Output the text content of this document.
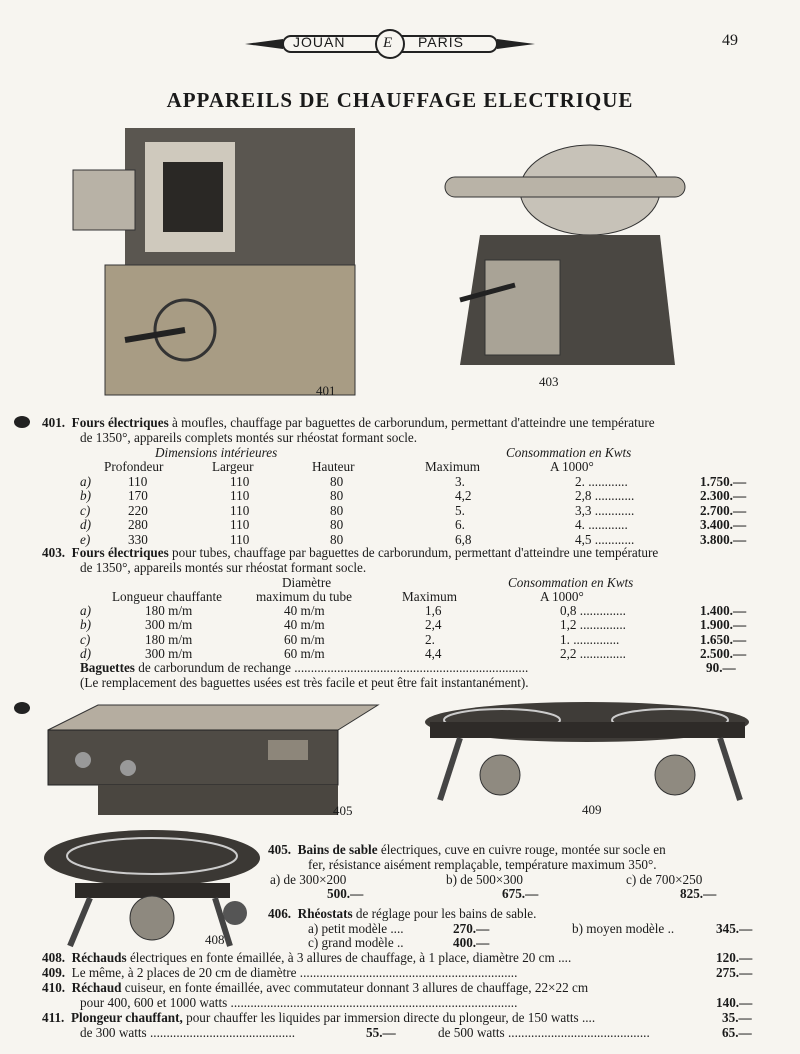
JOUAN	E PARIS	49
APPAREILS DE CHAUFFAGE ELECTRIQUE
401
403
401. Fours électriques à moufles, chauffage par baguettes de carborundum, permettant d'atteindre une température
de 1350°, appareils complets montés sur rhéostat formant socle.
Dimensions intérieures	Consommation en Kwts
Profondeur	Largeur	Hauteur	Maximum	A 1000°
403. Fours électriques pour tubes, chauffage par baguettes de carborundum, permettant d'atteindre une température
de 1350°, appareils montés sur rhéostat formant socle.
Diamètre	Consommation en Kwts
Longueur chauffante	maximum du tube	Maximum	A 1000°
Baguettes de carborundum de rechange .......................................................................	90.—
(Le remplacement des baguettes usées est très facile et peut être fait instantanément).
405	409
408
405. Bains de sable électriques, cuve en cuivre rouge, montée sur socle en
fer, résistance aisément remplaçable, température maximum 350°.
a) de 300×200	b) de 500×300	c) de 700×250
500.—	675.—	825.—
406. Rhéostats de réglage pour les bains de sable.
a) petit modèle ....	270.—	b) moyen modèle ..	345.—
c) grand modèle ..	400.—
408. Réchauds électriques en fonte émaillée, à 3 allures de chauffage, à 1 place, diamètre 20 cm ....	120.—
409. Le même, à 2 places de 20 cm de diamètre ..................................................................	275.—
410. Réchaud cuiseur, en fonte émaillée, avec commutateur donnant 3 allures de chauffage, 22×22 cm
pour 400, 600 et 1000 watts .......................................................................................	140.—
411. Plongeur chauffant, pour chauffer les liquides par immersion directe du plongeur, de 150 watts ....	35.—
de 300 watts ............................................	55.—	de 500 watts ...........................................	65.—
a)	110	110	80	3.	2. ............	1.750.—
b)	170	110	80	4,2	2,8 ............	2.300.—
c)	220	110	80	5.	3,3 ............	2.700.—
d)	280	110	80	6.	4. ............	3.400.—
e)	330	110	80	6,8	4,5 ............	3.800.—
a)	180 m/m	40 m/m	1,6	0,8 ..............	1.400.—
b)	300 m/m	40 m/m	2,4	1,2 ..............	1.900.—
c)	180 m/m	60 m/m	2.	1. ..............	1.650.—
d)	300 m/m	60 m/m	4,4	2,2 ..............	2.500.—
